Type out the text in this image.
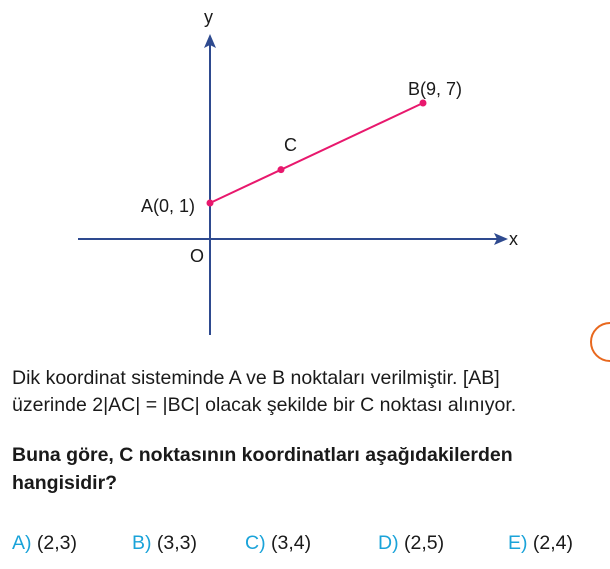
y
x
O
A(0, 1)
B(9, 7)
C
Dik koordinat sisteminde A ve B noktaları verilmiştir. [AB]
üzerinde 2|AC| = |BC| olacak şekilde bir C noktası alınıyor.
Buna göre, C noktasının koordinatları aşağıdakilerden
hangisidir?
A) (2,3)	B) (3,3) C) (3,4)	D) (2,5)	E) (2,4)
